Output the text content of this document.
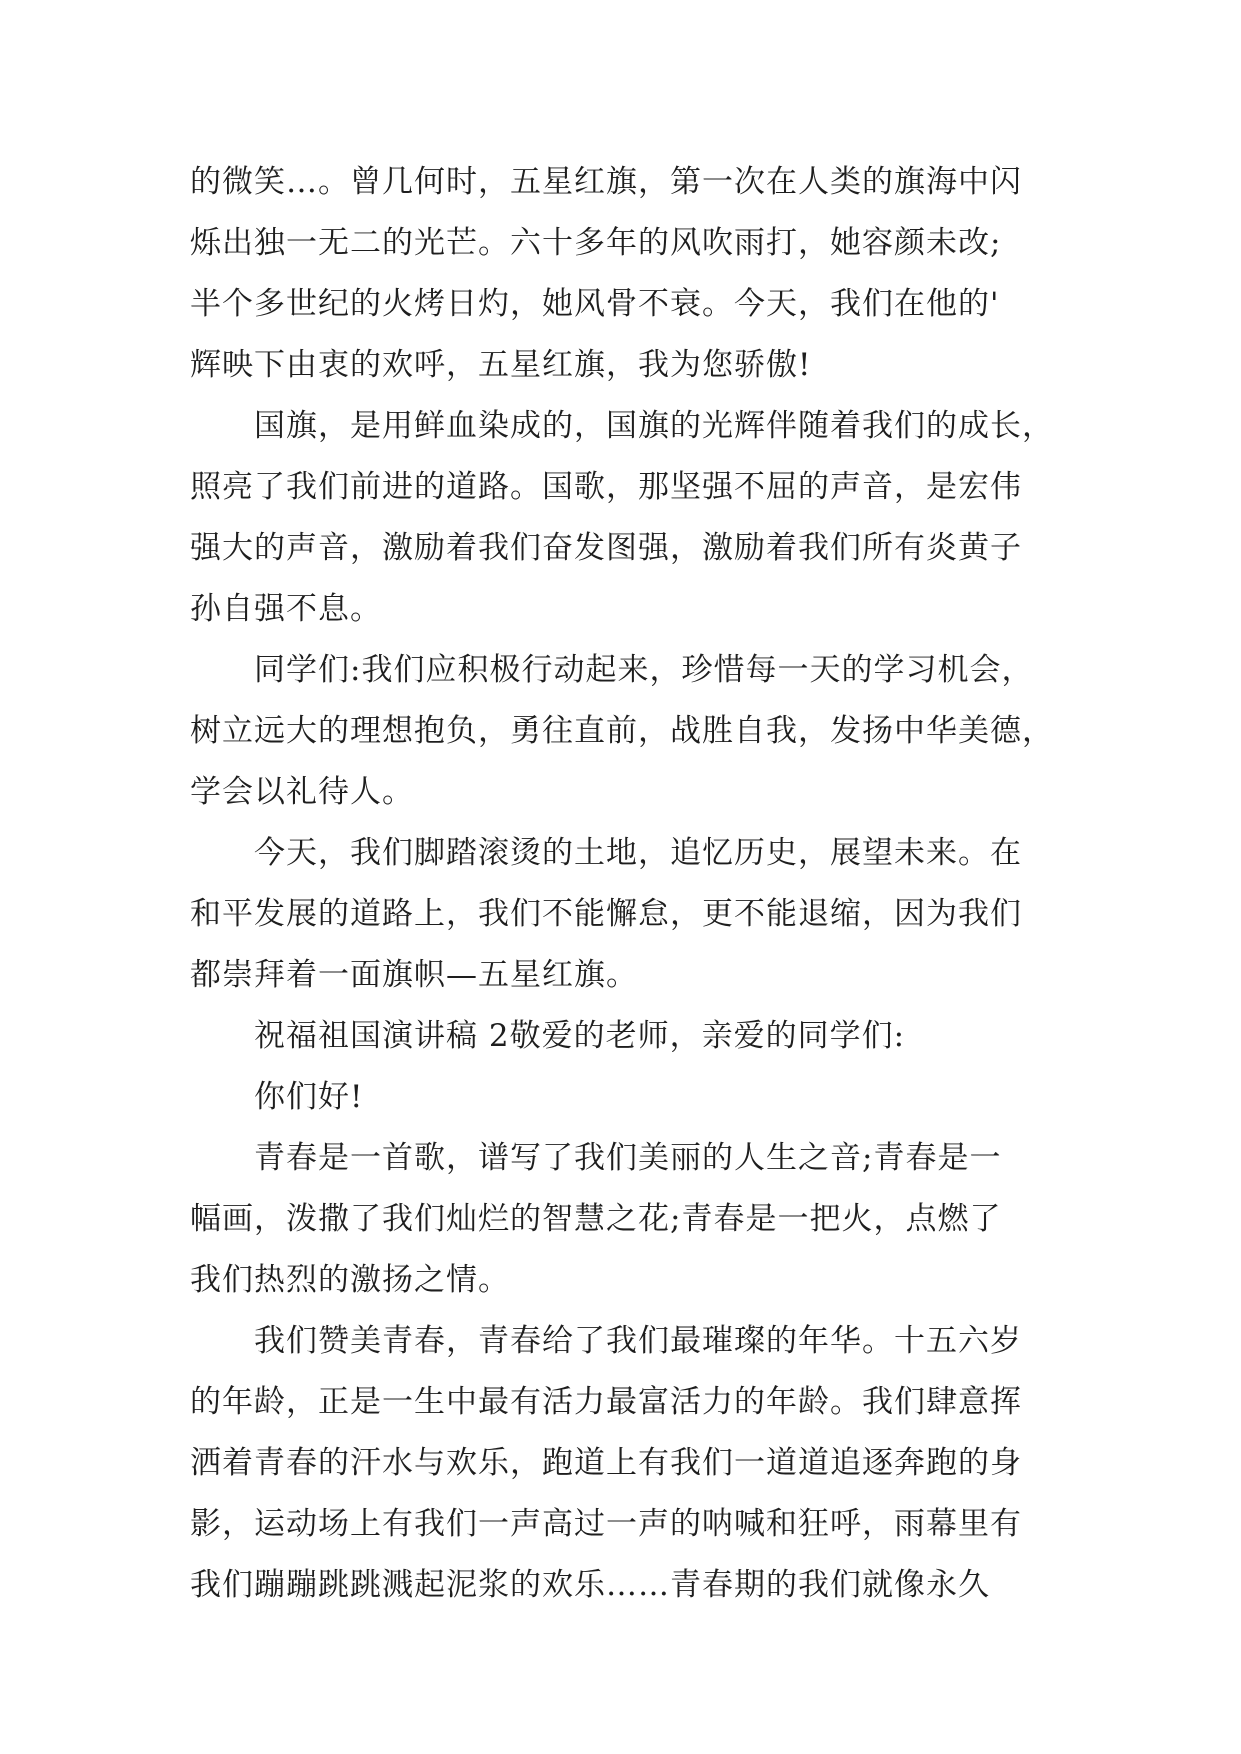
的微笑…。曾几何时，五星红旗，第一次在人类的旗海中闪
烁出独一无二的光芒。六十多年的风吹雨打，她容颜未改;
半个多世纪的火烤日灼，她风骨不衰。今天，我们在他的'
辉映下由衷的欢呼，五星红旗，我为您骄傲!
国旗，是用鲜血染成的，国旗的光辉伴随着我们的成长，
照亮了我们前进的道路。国歌，那坚强不屈的声音，是宏伟
强大的声音，激励着我们奋发图强，激励着我们所有炎黄子
孙自强不息。
同学们:我们应积极行动起来，珍惜每一天的学习机会，
树立远大的理想抱负，勇往直前，战胜自我，发扬中华美德，
学会以礼待人。
今天，我们脚踏滚烫的土地，追忆历史，展望未来。在
和平发展的道路上，我们不能懈怠，更不能退缩，因为我们
都崇拜着一面旗帜—五星红旗。
祝福祖国演讲稿 2敬爱的老师，亲爱的同学们:
你们好!
青春是一首歌，谱写了我们美丽的人生之音;青春是一
幅画，泼撒了我们灿烂的智慧之花;青春是一把火，点燃了
我们热烈的激扬之情。
我们赞美青春，青春给了我们最璀璨的年华。十五六岁
的年龄，正是一生中最有活力最富活力的年龄。我们肆意挥
洒着青春的汗水与欢乐，跑道上有我们一道道追逐奔跑的身
影，运动场上有我们一声高过一声的呐喊和狂呼，雨幕里有
我们蹦蹦跳跳溅起泥浆的欢乐……青春期的我们就像永久
